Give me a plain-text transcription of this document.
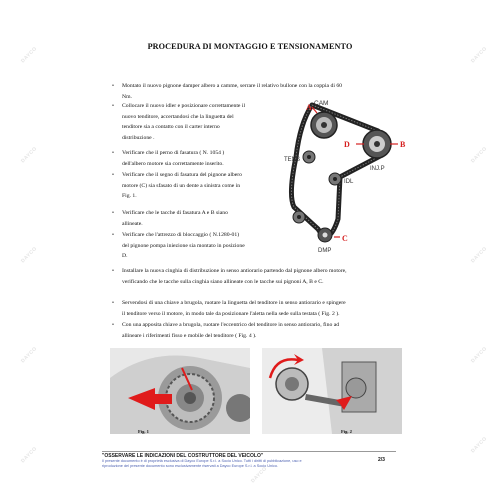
DAYCO
DAYCO
DAYCO
DAYCO
DAYCO
DAYCO
DAYCO
DAYCO
DAYCO
DAYCO
DAYCO
PROCEDURA DI MONTAGGIO E TENSIONAMENTO
• Montato il nuovo pignone damper albero a camme, serrare il relativo bullone con la coppia di 60
Nm.
• Collocare il nuovo idler e posizionare correttamente il
nuovo tenditore, accertandosi che la linguetta del
tenditore sia a contatto con il carter interno
distribuzione .
• Verificare che il perno di fasatura ( N. 1054 )
dell'albero motore sia correttamente inserito.
• Verificare che il segno di fasatura del pignone albero
motore (C) sia sfasato di un dente a sinistra come in
Fig. 1.
• Verificare che le tacche di fasatura A e B siano
allineate.
• Verificare che l'attrezzo di bloccaggio ( N.1280-01)
del pignone pompa iniezione sia montato in posizione
D.
• Installare la nuova cinghia di distribuzione in senso antiorario partendo dal pignone albero motore,
verificando che le tacche sulla cinghia siano allineate con le tacche sui pignoni A, B e C.
• Servendosi di una chiave a brugola, ruotare la linguetta del tenditore in senso antiorario e spingere
il tenditore verso il motore, in modo tale da posizionare l'aletta nella sede sulla testata ( Fig. 2 ).
• Con una apposita chiave a brugola, ruotare l'eccentrico del tenditore in senso antiorario, fino ad
allineare i riferimenti fisso e mobile del tenditore ( Fig. 4 ).
CAM
TENS
IDL
INJ.P
DMP
A
B
C
D
Fig. 1	Fig. 2
"OSSERVARE LE INDICAZIONI DEL COSTRUTTORE DEL VEICOLO"
Il presente documento è di proprietà esclusiva di Dayco Europe S.r.l. a Socio Unico. Tutti i diritti di pubblicazione, uso e
riproduzione del presente documento sono esclusivamente riservati a Dayco Europe S.r.l. a Socio Unico.
2/3
